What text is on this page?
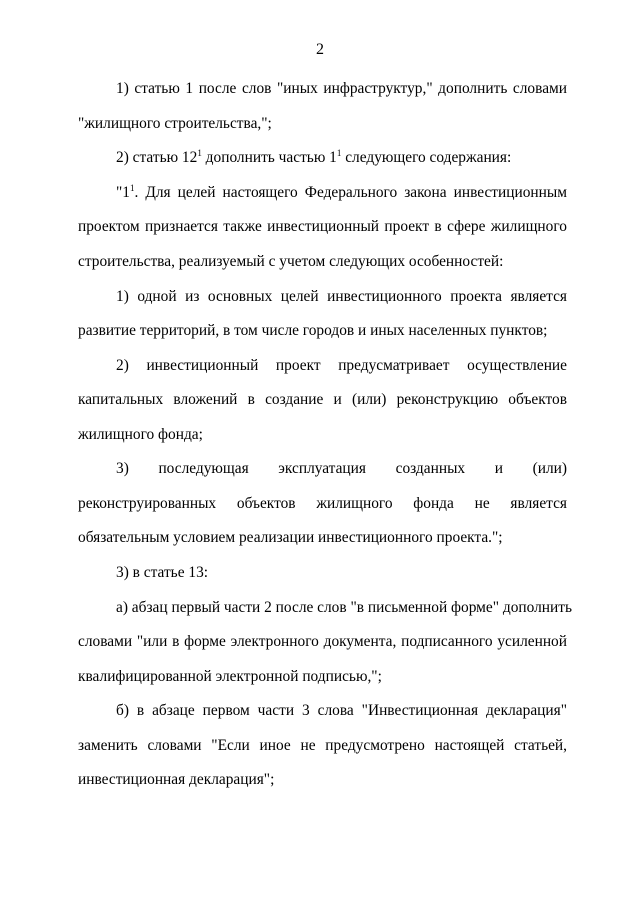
2
1) статью 1 после слов "иных инфраструктур," дополнить словами
"жилищного строительства,";
2) статью $12^1$ дополнить частью $1^1$ следующего содержания:
"$1^1$. Для целей настоящего Федерального закона инвестиционным
проектом признается также инвестиционный проект в сфере жилищного
строительства, реализуемый с учетом следующих особенностей:
1) одной из основных целей инвестиционного проекта является
развитие территорий, в том числе городов и иных населенных пунктов;
2) инвестиционный проект предусматривает осуществление
капитальных вложений в создание и (или) реконструкцию объектов
жилищного фонда;
3) последующая эксплуатация созданных и (или)
реконструированных объектов жилищного фонда не является
обязательным условием реализации инвестиционного проекта.";
3) в статье 13:
а) абзац первый части 2 после слов "в письменной форме" дополнить
словами "или в форме электронного документа, подписанного усиленной
квалифицированной электронной подписью,";
б) в абзаце первом части 3 слова "Инвестиционная декларация"
заменить словами "Если иное не предусмотрено настоящей статьей,
инвестиционная декларация";
